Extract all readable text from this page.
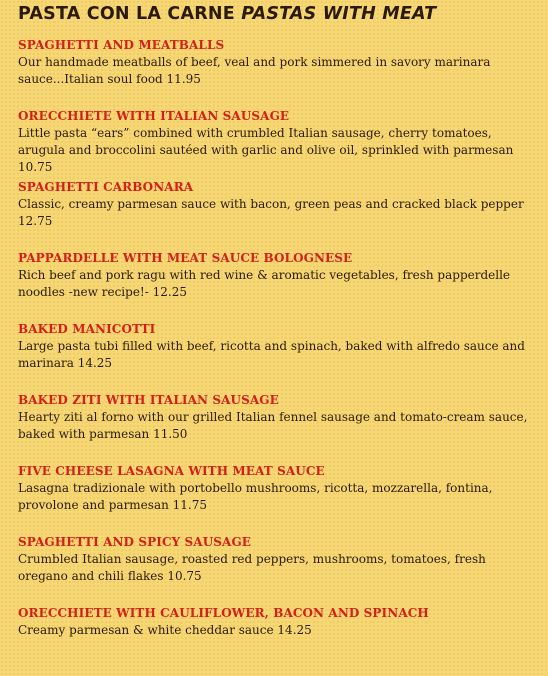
PASTA CON LA CARNE PASTAS WITH MEAT
SPAGHETTI AND MEATBALLS
Our handmade meatballs of beef, veal and pork simmered in savory marinara sauce...Italian soul food 11.95
ORECCHIETE WITH ITALIAN SAUSAGE
Little pasta “ears” combined with crumbled Italian sausage, cherry tomatoes, arugula and broccolini sautéed with garlic and olive oil, sprinkled with parmesan 10.75
SPAGHETTI CARBONARA
Classic, creamy parmesan sauce with bacon, green peas and cracked black pepper 12.75
PAPPARDELLE WITH MEAT SAUCE BOLOGNESE
Rich beef and pork ragu with red wine & aromatic vegetables, fresh papperdelle noodles -new recipe!- 12.25
BAKED MANICOTTI
Large pasta tubi filled with beef, ricotta and spinach, baked with alfredo sauce and marinara 14.25
BAKED ZITI WITH ITALIAN SAUSAGE
Hearty ziti al forno with our grilled Italian fennel sausage and tomato-cream sauce, baked with parmesan 11.50
FIVE CHEESE LASAGNA WITH MEAT SAUCE
Lasagna tradizionale with portobello mushrooms, ricotta, mozzarella, fontina, provolone and parmesan 11.75
SPAGHETTI AND SPICY SAUSAGE
Crumbled Italian sausage, roasted red peppers, mushrooms, tomatoes, fresh oregano and chili flakes 10.75
ORECCHIETE WITH CAULIFLOWER, BACON AND SPINACH
Creamy parmesan & white cheddar sauce 14.25
